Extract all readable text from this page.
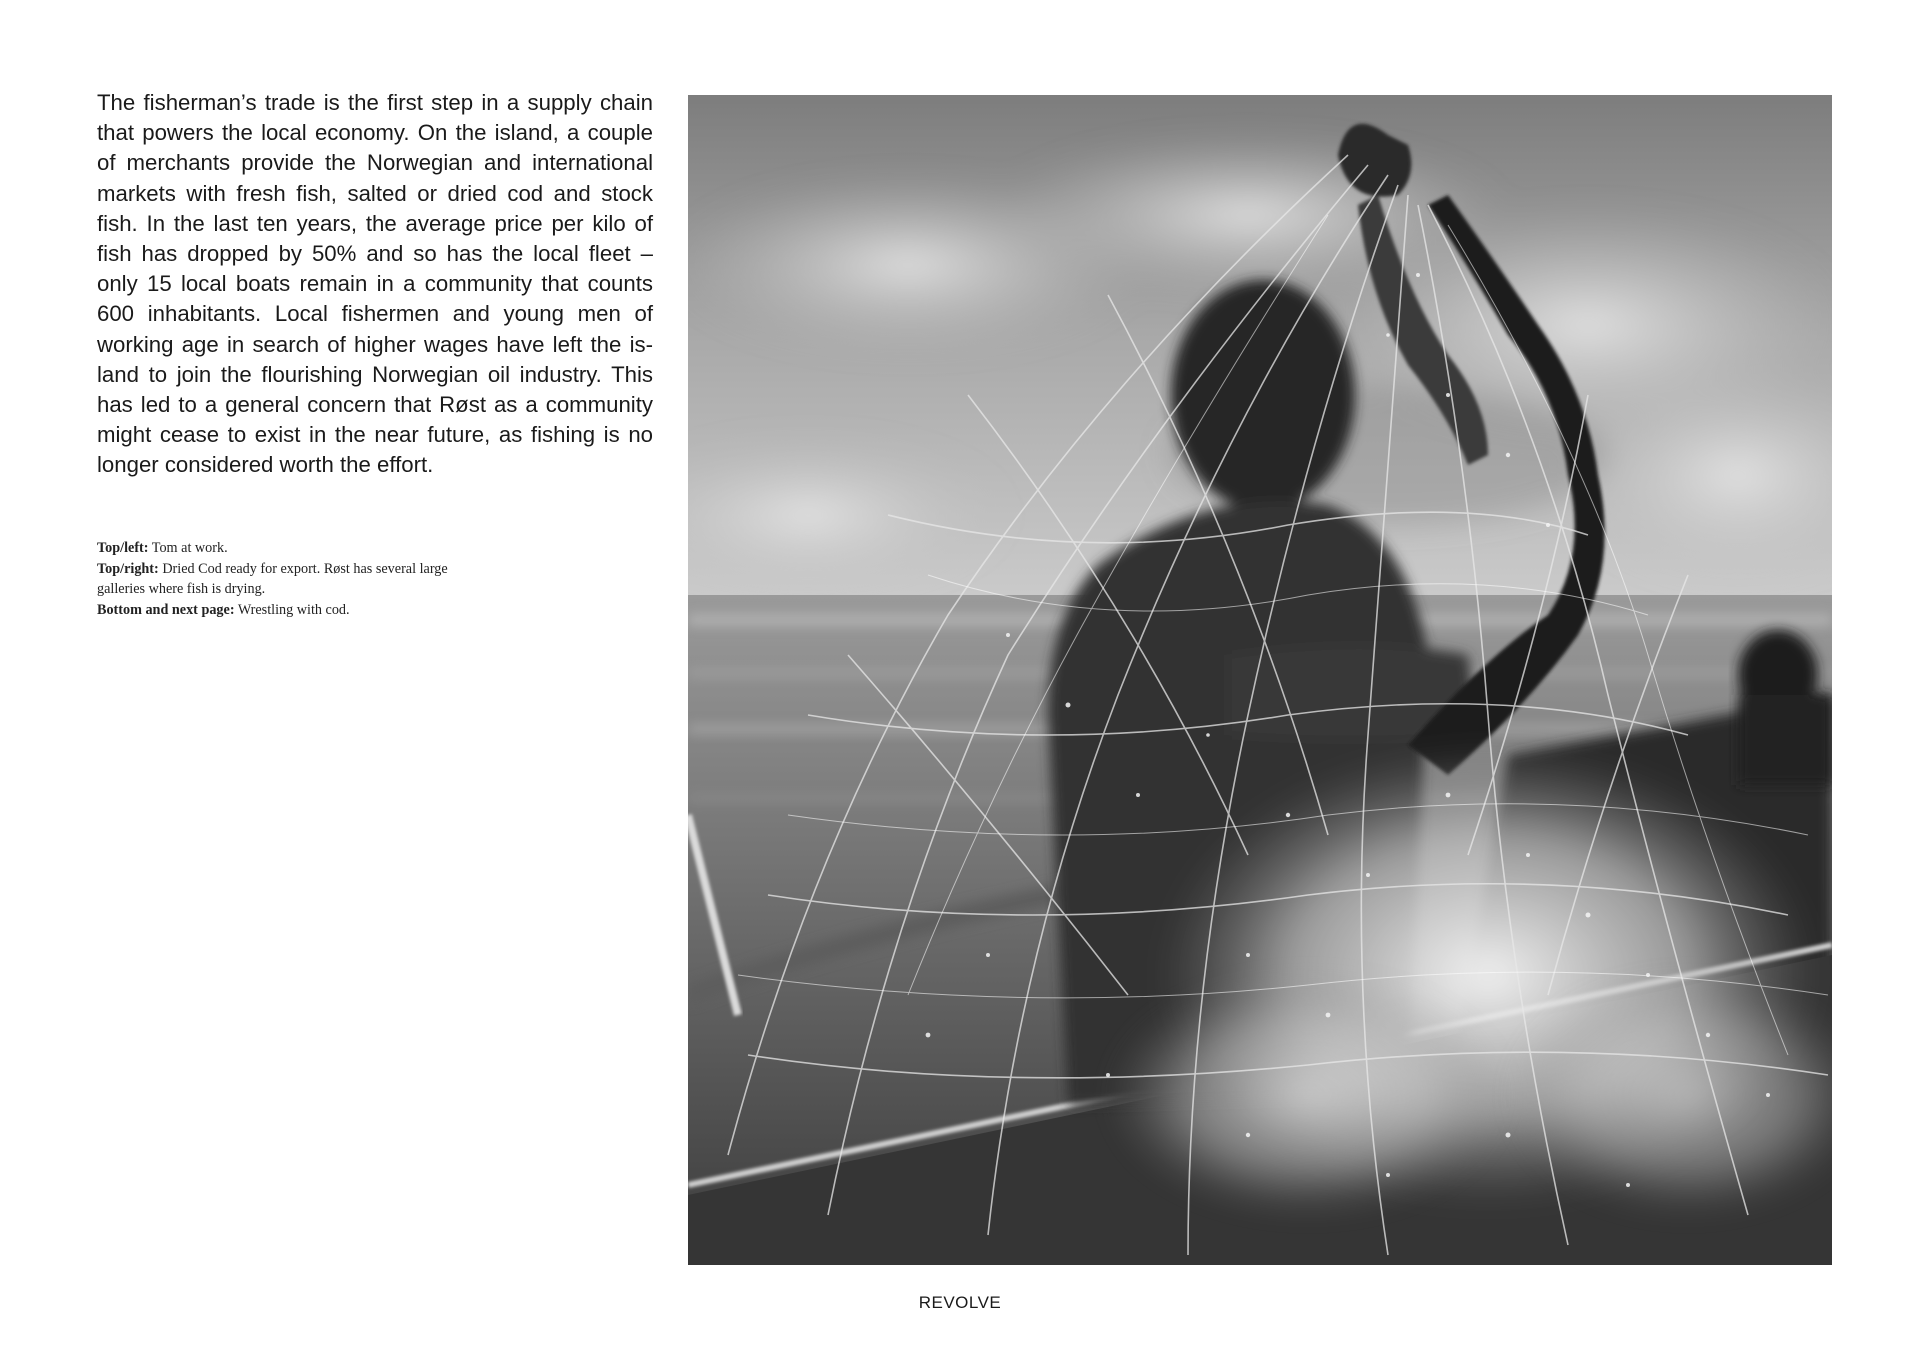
The fisherman’s trade is the first step in a supply chain that powers the local economy. On the island, a couple of merchants provide the Norwegian and international markets with fresh fish, salted or dried cod and stock fish. In the last ten years, the average price per kilo of fish has dropped by 50% and so has the local fleet – only 15 local boats remain in a community that counts 600 inhabitants. Local fishermen and young men of working age in search of higher wages have left the island to join the flourishing Norwegian oil industry. This has led to a general concern that Røst as a community might cease to exist in the near future, as fishing is no longer considered worth the effort.

Top/left: Tom at work.
Top/right: Dried Cod ready for export. Røst has several large galleries where fish is drying.
Bottom and next page: Wrestling with cod.
REVOLVE
